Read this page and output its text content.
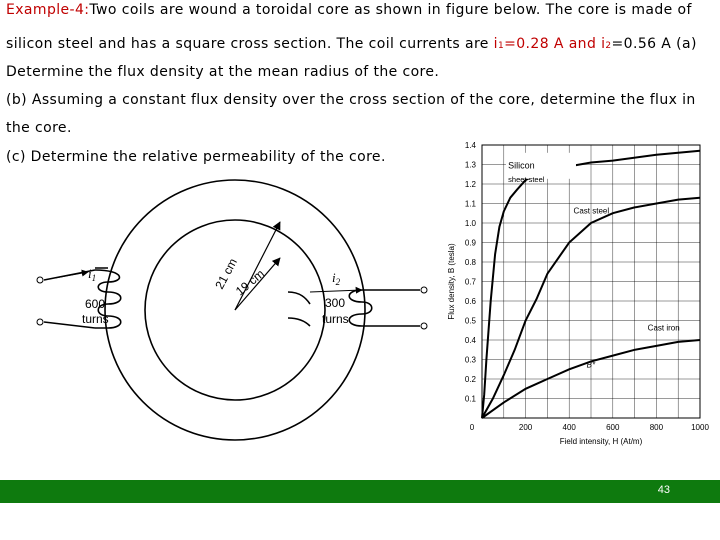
Example-4:Two coils are wound a toroidal core as shown in figure below. The core is made of
silicon steel and has a square cross section. The coil currents are i1=0.28 A and i2=0.56 A (a)
Determine the flux density at the mean radius of the core.
(b) Assuming a constant flux density over the cross section of the core, determine the flux in
the core.
(c) Determine the relative permeability of the core.
$i_1$
600
turns
$i_2$
300
turns
21 cm
19 cm
0.1
0.2
0.3
0.4
0.5
0.6
0.7
0.8
0.9
1.0
1.1
1.2
1.3
1.4
0	200	400	600	800	1000
B*
Cast steel
Cast iron
Field intensity, H (At/m)
Flux density, B (tesla)
Silicon
sheet steel
43
